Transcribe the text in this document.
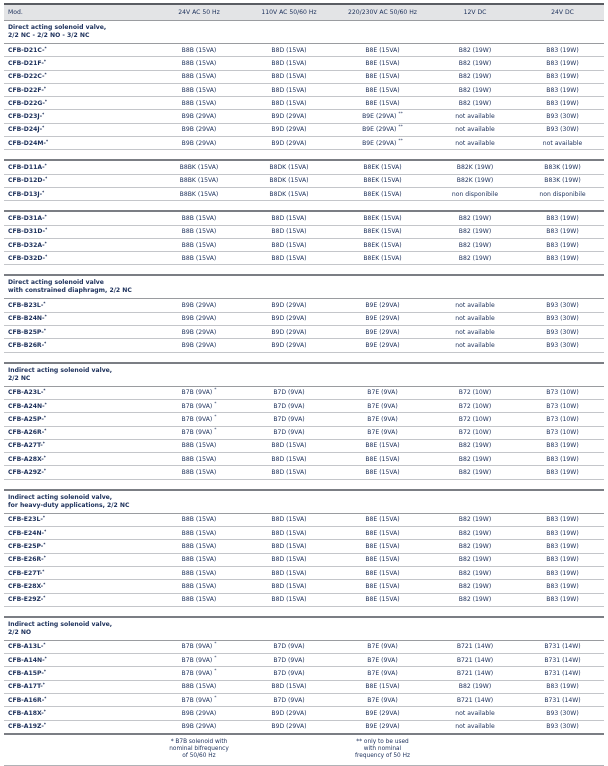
Mod.	24V AC 50 Hz	110V AC 50/60 Hz	220/230V AC 50/60 Hz	12V DC	24V DC
Direct acting solenoid valve,
2/2 NC - 2/2 NO - 3/2 NC					
CFB-D21C-*	B8B (15VA)	B8D (15VA)	B8E (15VA)	B82 (19W)	B83 (19W)
CFB-D21F-*	B8B (15VA)	B8D (15VA)	B8E (15VA)	B82 (19W)	B83 (19W)
CFB-D22C-*	B8B (15VA)	B8D (15VA)	B8E (15VA)	B82 (19W)	B83 (19W)
CFB-D22F-*	B8B (15VA)	B8D (15VA)	B8E (15VA)	B82 (19W)	B83 (19W)
CFB-D22G-*	B8B (15VA)	B8D (15VA)	B8E (15VA)	B82 (19W)	B83 (19W)
CFB-D23J-*	B9B (29VA)	B9D (29VA)	B9E (29VA) **	not available	B93 (30W)
CFB-D24J-*	B9B (29VA)	B9D (29VA)	B9E (29VA) **	not available	B93 (30W)
CFB-D24M-*	B9B (29VA)	B9D (29VA)	B9E (29VA) **	not available	not available

CFB-D11A-*	B8BK (15VA)	B8DK (15VA)	B8EK (15VA)	B82K (19W)	B83K (19W)
CFB-D12D-*	B8BK (15VA)	B8DK (15VA)	B8EK (15VA)	B82K (19W)	B83K (19W)
CFB-D13J-*	B8BK (15VA)	B8DK (15VA)	B8EK (15VA)	non disponibile	non disponibile

CFB-D31A-*	B8B (15VA)	B8D (15VA)	B8EK (15VA)	B82 (19W)	B83 (19W)
CFB-D31D-*	B8B (15VA)	B8D (15VA)	B8EK (15VA)	B82 (19W)	B83 (19W)
CFB-D32A-*	B8B (15VA)	B8D (15VA)	B8EK (15VA)	B82 (19W)	B83 (19W)
CFB-D32D-*	B8B (15VA)	B8D (15VA)	B8EK (15VA)	B82 (19W)	B83 (19W)

Direct acting solenoid valve
with constrained diaphragm, 2/2 NC					
CFB-B23L-*	B9B (29VA)	B9D (29VA)	B9E (29VA)	not available	B93 (30W)
CFB-B24N-*	B9B (29VA)	B9D (29VA)	B9E (29VA)	not available	B93 (30W)
CFB-B25P-*	B9B (29VA)	B9D (29VA)	B9E (29VA)	not available	B93 (30W)
CFB-B26R-*	B9B (29VA)	B9D (29VA)	B9E (29VA)	not available	B93 (30W)

Indirect acting solenoid valve,
2/2 NC					
CFB-A23L-*	B7B (9VA) *	B7D (9VA)	B7E (9VA)	B72 (10W)	B73 (10W)
CFB-A24N-*	B7B (9VA) *	B7D (9VA)	B7E (9VA)	B72 (10W)	B73 (10W)
CFB-A25P-*	B7B (9VA) *	B7D (9VA)	B7E (9VA)	B72 (10W)	B73 (10W)
CFB-A26R-*	B7B (9VA) *	B7D (9VA)	B7E (9VA)	B72 (10W)	B73 (10W)
CFB-A27T-*	B8B (15VA)	B8D (15VA)	B8E (15VA)	B82 (19W)	B83 (19W)
CFB-A28X-*	B8B (15VA)	B8D (15VA)	B8E (15VA)	B82 (19W)	B83 (19W)
CFB-A29Z-*	B8B (15VA)	B8D (15VA)	B8E (15VA)	B82 (19W)	B83 (19W)

Indirect acting solenoid valve,
for heavy-duty applications, 2/2 NC					
CFB-E23L-*	B8B (15VA)	B8D (15VA)	B8E (15VA)	B82 (19W)	B83 (19W)
CFB-E24N-*	B8B (15VA)	B8D (15VA)	B8E (15VA)	B82 (19W)	B83 (19W)
CFB-E25P-*	B8B (15VA)	B8D (15VA)	B8E (15VA)	B82 (19W)	B83 (19W)
CFB-E26R-*	B8B (15VA)	B8D (15VA)	B8E (15VA)	B82 (19W)	B83 (19W)
CFB-E27T-*	B8B (15VA)	B8D (15VA)	B8E (15VA)	B82 (19W)	B83 (19W)
CFB-E28X-*	B8B (15VA)	B8D (15VA)	B8E (15VA)	B82 (19W)	B83 (19W)
CFB-E29Z-*	B8B (15VA)	B8D (15VA)	B8E (15VA)	B82 (19W)	B83 (19W)

Indirect acting solenoid valve,
2/2 NO					
CFB-A13L-*	B7B (9VA) *	B7D (9VA)	B7E (9VA)	B721 (14W)	B731 (14W)
CFB-A14N-*	B7B (9VA) *	B7D (9VA)	B7E (9VA)	B721 (14W)	B731 (14W)
CFB-A15P-*	B7B (9VA) *	B7D (9VA)	B7E (9VA)	B721 (14W)	B731 (14W)
CFB-A17T-*	B8B (15VA)	B8D (15VA)	B8E (15VA)	B82 (19W)	B83 (19W)
CFB-A16R-*	B7B (9VA) *	B7D (9VA)	B7E (9VA)	B721 (14W)	B731 (14W)
CFB-A18X-*	B9B (29VA)	B9D (29VA)	B9E (29VA)	not available	B93 (30W)
CFB-A19Z-*	B9B (29VA)	B9D (29VA)	B9E (29VA)	not available	B93 (30W)
	* B7B solenoid with
nominal bifrequency
of 50/60 Hz		** only to be used
with nominal
frequency of 50 Hz		
